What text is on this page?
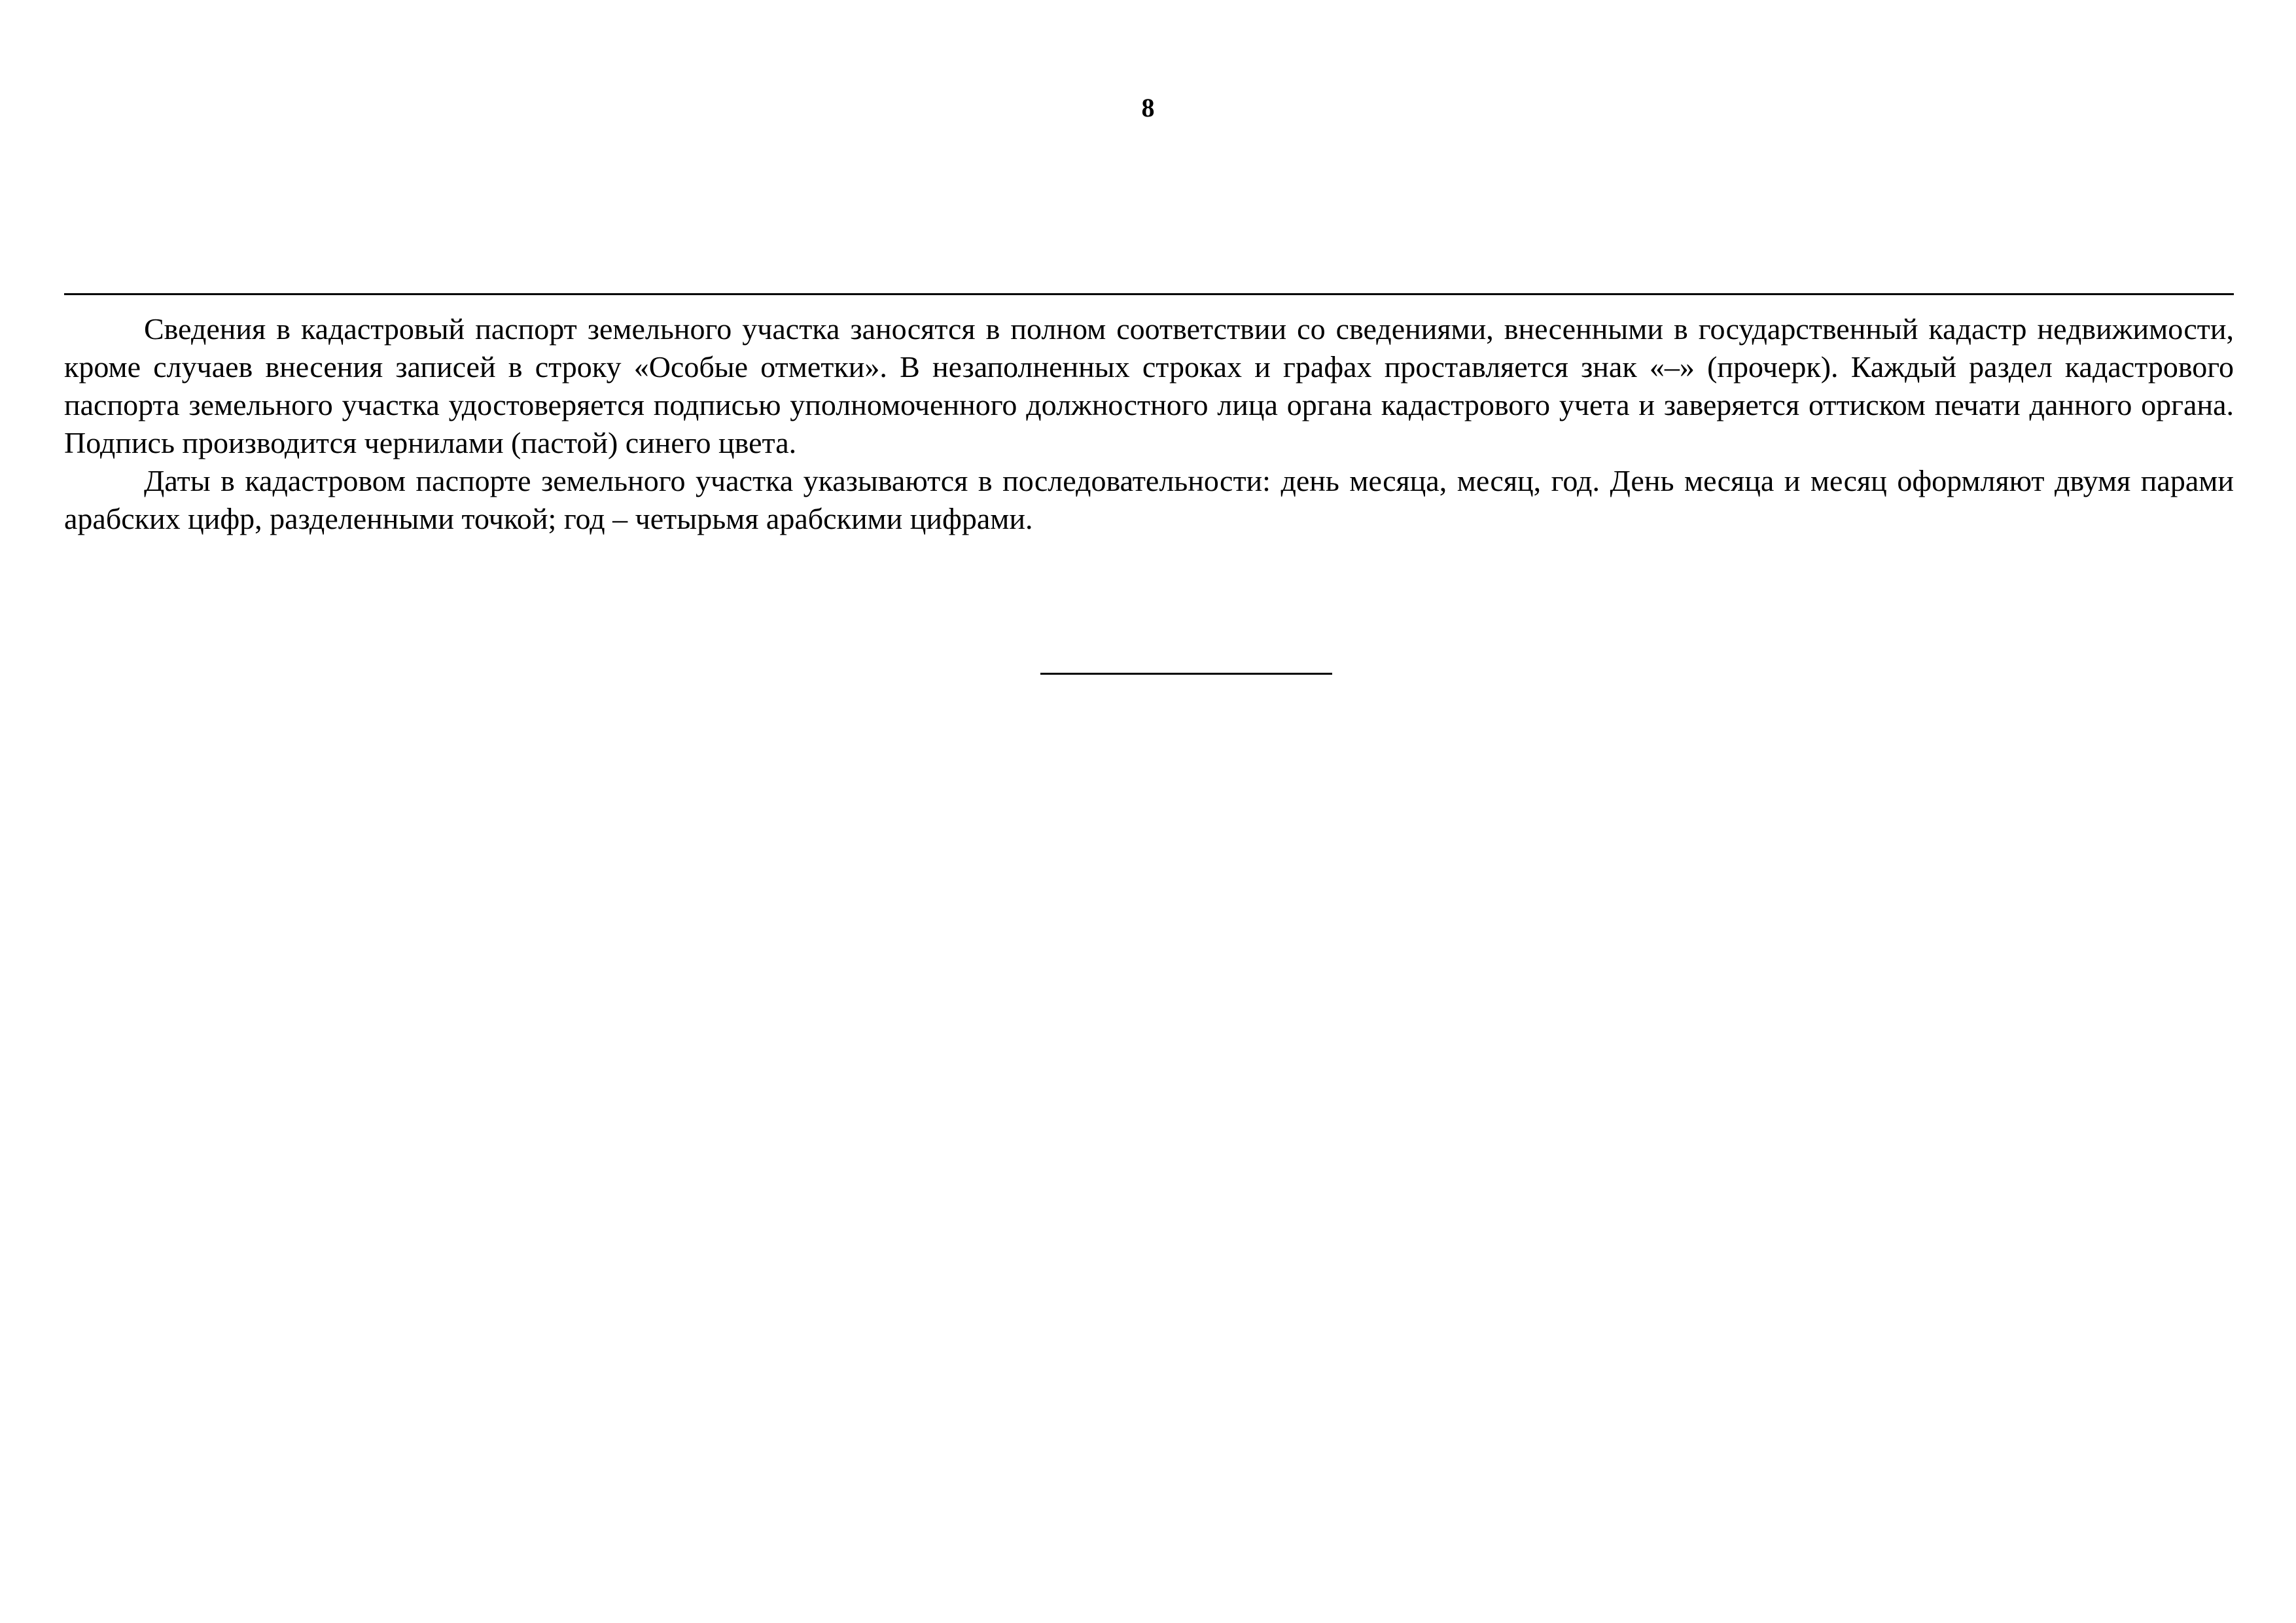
8

Сведения в кадастровый паспорт земельного участка заносятся в полном соответствии со сведениями, внесенными в государственный кадастр недвижимости, кроме случаев внесения записей в строку «Особые отметки». В незаполненных строках и графах проставляется знак «–» (прочерк). Каждый раздел кадастрового паспорта земельного участка удостоверяется подписью уполномоченного должностного лица органа кадастрового учета и заверяется оттиском печати данного органа. Подпись производится чернилами (пастой) синего цвета.

Даты в кадастровом паспорте земельного участка указываются в последовательности: день месяца, месяц, год. День месяца и месяц оформляют двумя парами арабских цифр, разделенными точкой; год – четырьмя арабскими цифрами.
